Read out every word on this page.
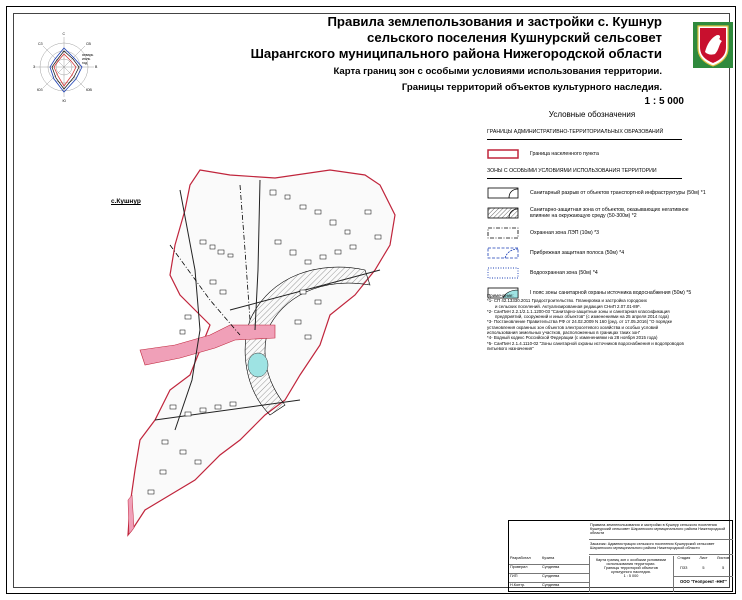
С
СВ
В
ЮВ
Ю
ЮЗ
З
СЗ
январь
июль
год
Правила землепользования и застройки с. Кушнур
сельского поселения Кушнурский сельсовет
Шарангского муниципального района Нижегородской области
Карта границ зон с особыми условиями использования территории.
Границы территорий объектов культурного наследия.
1 : 5 000
с.Кушнур
Условные обозначения
ГРАНИЦЫ АДМИНИСТРАТИВНО-ТЕРРИТОРИАЛЬНЫХ ОБРАЗОВАНИЙ
Граница населенного пункта
ЗОНЫ С ОСОБЫМИ УСЛОВИЯМИ ИСПОЛЬЗОВАНИЯ ТЕРРИТОРИИ
Санитарный разрыв от объектов транспортной инфраструктуры (50м) *1
Санитарно-защитная зона от объектов, оказывающих негативное влияние на окружающую среду (50-300м) *2
Охранная зона ЛЭП (10м) *3
Прибрежная защитная полоса (50м) *4
Водоохранная зона (50м) *4
I пояс зоны санитарной охраны источника водоснабжения (50м) *5
Примечание:
*1- СП 42.13330.2011 Градостроительство. Планировка и застройка городских
и сельских поселений. Актуализированная редакция СНиП 2.07.01-89*.
*2- СанПиН 2.2.1/2.1.1.1200-03 "Санитарно-защитные зоны и санитарная классификация
предприятий, сооружений и иных объектов" (с изменениями на 25 апреля 2014 года)
*3- Постановление Правительства РФ от 24.02.2009 N 160 (ред. от 17.05.2016) "О порядке
установления охранных зон объектов электросетевого хозяйства и особых условий
использования земельных участков, расположенных в границах таких зон"
*4- Водный кодекс Российской Федерации (с изменениями на 28 ноября 2015 года)
*5- СанПиН 2.1.4.1110-02 "Зоны санитарной охраны источников водоснабжения и водопроводов
питьевого назначения"
Правила землепользования и застройки в Кушнур сельского поселения
Кушнурский сельсовет Шарангского муниципального района Нижегородской области
Заказчик: Администрация сельского поселения Кушнурский сельсовет
Шарангского муниципального района Нижегородской области
Разработал	Кузина
Проверил	Сундеева
ГИП	Сундеева
Н.Контр.	Сундеева
Карта границ зон с особыми условиями
использования территории.
Границы территорий объектов
культурного наследия.
1 : 5 000
Стадия	Лист	Листов
ПЗЗ	5	5
ООО "Геопроект -ННГ"
